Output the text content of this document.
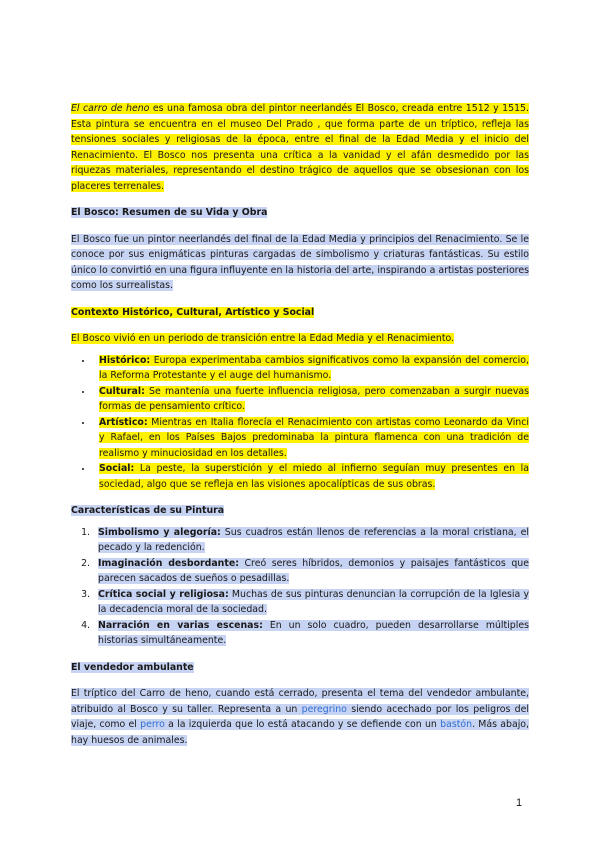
El carro de heno es una famosa obra del pintor neerlandés El Bosco, creada entre 1512 y 1515. Esta pintura se encuentra en el museo Del Prado , que forma parte de un tríptico, refleja las tensiones sociales y religiosas de la época, entre el final de la Edad Media y el inicio del Renacimiento. El Bosco nos presenta una crítica a la vanidad y el afán desmedido por las riquezas materiales, representando el destino trágico de aquellos que se obsesionan con los placeres terrenales.

El Bosco: Resumen de su Vida y Obra

El Bosco fue un pintor neerlandés del final de la Edad Media y principios del Renacimiento. Se le conoce por sus enigmáticas pinturas cargadas de simbolismo y criaturas fantásticas. Su estilo único lo convirtió en una figura influyente en la historia del arte, inspirando a artistas posteriores como los surrealistas.

Contexto Histórico, Cultural, Artístico y Social

El Bosco vivió en un periodo de transición entre la Edad Media y el Renacimiento.

• Histórico: Europa experimentaba cambios significativos como la expansión del comercio, la Reforma Protestante y el auge del humanismo.
• Cultural: Se mantenía una fuerte influencia religiosa, pero comenzaban a surgir nuevas formas de pensamiento crítico.
• Artístico: Mientras en Italia florecía el Renacimiento con artistas como Leonardo da Vinci y Rafael, en los Países Bajos predominaba la pintura flamenca con una tradición de realismo y minuciosidad en los detalles.
• Social: La peste, la superstición y el miedo al infierno seguían muy presentes en la sociedad, algo que se refleja en las visiones apocalípticas de sus obras.

Características de su Pintura

1. Simbolismo y alegoría: Sus cuadros están llenos de referencias a la moral cristiana, el pecado y la redención.
2. Imaginación desbordante: Creó seres híbridos, demonios y paisajes fantásticos que parecen sacados de sueños o pesadillas.
3. Crítica social y religiosa: Muchas de sus pinturas denuncian la corrupción de la Iglesia y la decadencia moral de la sociedad.
4. Narración en varias escenas: En un solo cuadro, pueden desarrollarse múltiples historias simultáneamente.

El vendedor ambulante

El tríptico del Carro de heno, cuando está cerrado, presenta el tema del vendedor ambulante, atribuido al Bosco y su taller. Representa a un peregrino siendo acechado por los peligros del viaje, como el perro a la izquierda que lo está atacando y se defiende con un bastón. Más abajo, hay huesos de animales.

1
